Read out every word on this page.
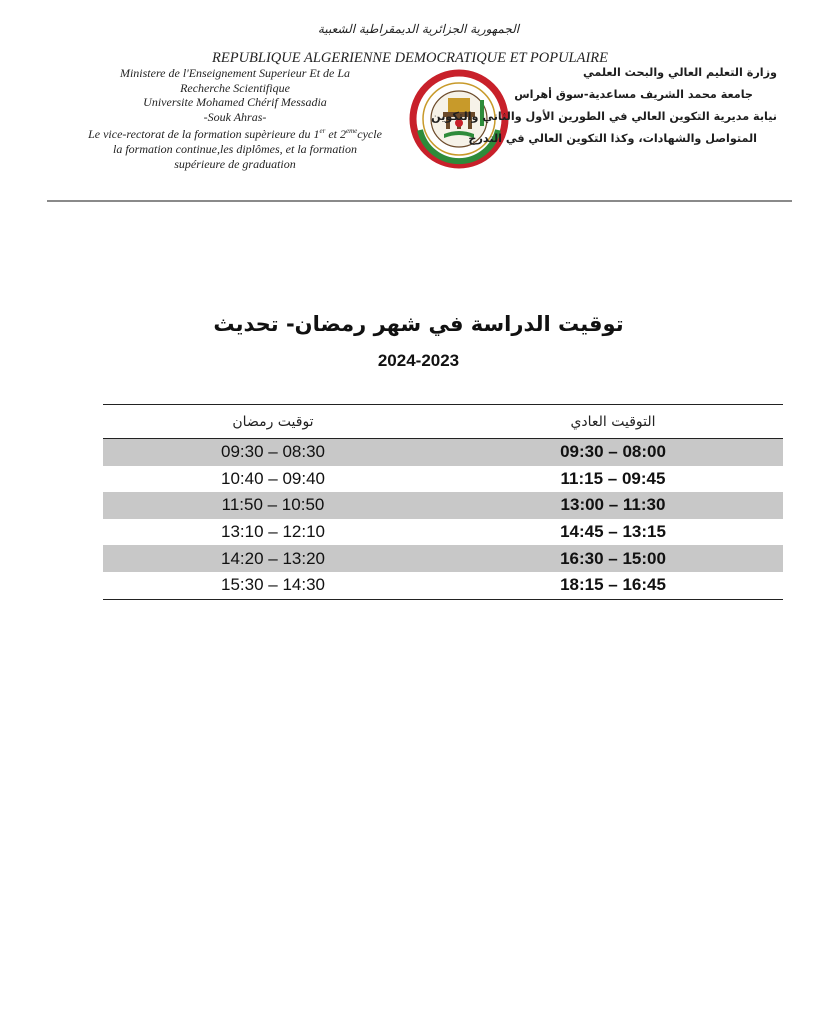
الجمهورية الجزائرية الديمقراطية الشعبية
REPUBLIQUE ALGERIENNE DEMOCRATIQUE ET POPULAIRE
Ministere de l'Enseignement Superieur Et de La
Recherche Scientifique
Universite Mohamed Chérif Messadia
-Souk Ahras-
Le vice-rectorat de la formation supèrieure du 1er et 2emecycle
la formation continue,les diplômes, et la formation
supérieure de graduation
وزارة التعليم العالي والبحث العلمي
جامعة محمد الشريف مساعدية-سوق أهراس
نيابة مديرية التكوين العالي في الطورين الأول والثاني والتكوين
المتواصل والشهادات، وكذا التكوين العالي في التدرج
توقيت الدراسة في شهر رمضان- تحديث
2024-2023
توقيت رمضان	التوقيت العادي
09:30 – 08:30	09:30 – 08:00
10:40 – 09:40	11:15 – 09:45
11:50 – 10:50	13:00 – 11:30
13:10 – 12:10	14:45 – 13:15
14:20 – 13:20	16:30 – 15:00
15:30 – 14:30	18:15 – 16:45
